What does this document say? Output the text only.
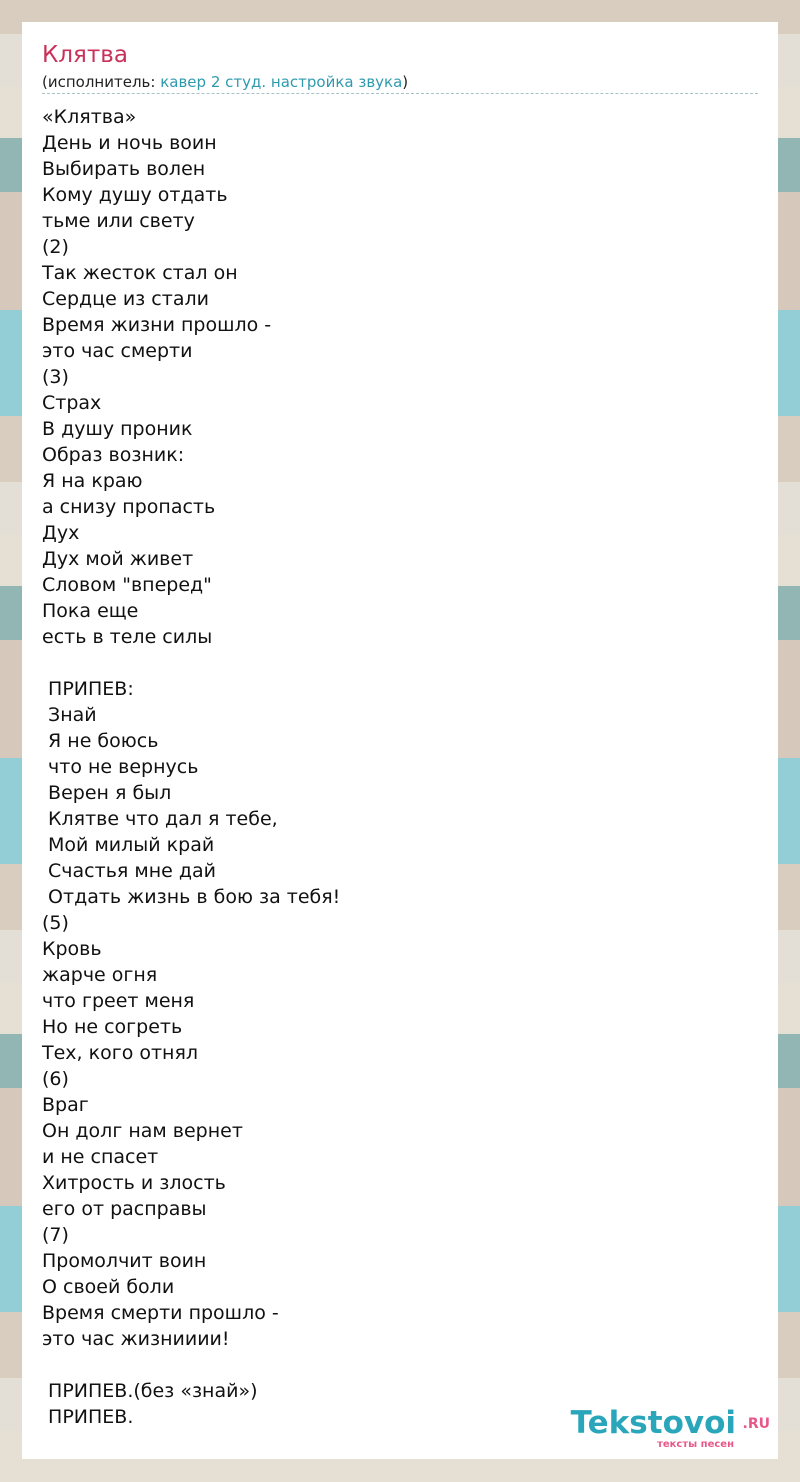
Клятва
(исполнитель: кавер 2 студ. настройка звука)
«Клятва»
День и ночь воин
Выбирать волен
Кому душу отдать
тьме или свету
(2)
Так жесток стал он
Сердце из стали
Время жизни прошло -
это час смерти
(3)
Страх
В душу проник
Образ возник:
Я на краю
а снизу пропасть
Дух
Дух мой живет
Словом "вперед"
Пока еще
есть в теле силы

ПРИПЕВ:
Знай
Я не боюсь
что не вернусь
Верен я был
Клятве что дал я тебе,
Мой милый край
Счастья мне дай
Отдать жизнь в бою за тебя!
(5)
Кровь
жарче огня
что греет меня
Но не согреть
Тех, кого отнял
(6)
Враг
Он долг нам вернет
и не спасет
Хитрость и злость
его от расправы
(7)
Промолчит воин
О своей боли
Время смерти прошло -
это час жизнииии!

ПРИПЕВ.(без «знай»)
ПРИПЕВ.	Tekstovoi .RU
тексты песен
